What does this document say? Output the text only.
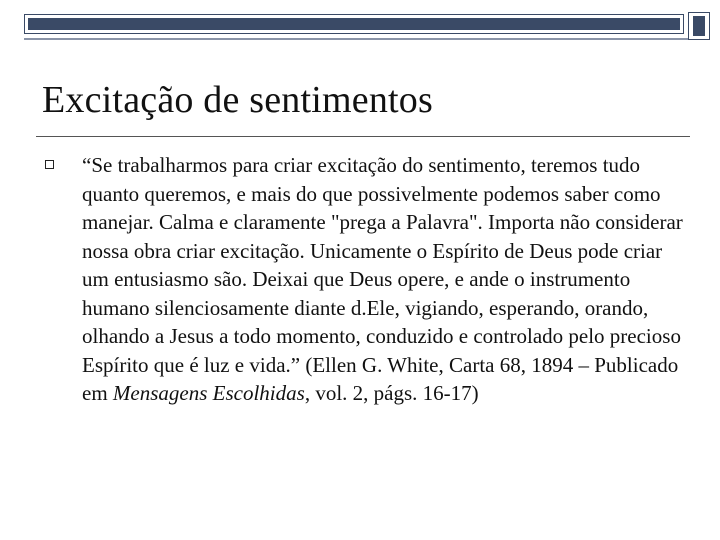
Excitação de sentimentos

“Se trabalharmos para criar excitação do sentimento, teremos tudo quanto queremos, e mais do que possivelmente podemos saber como manejar. Calma e claramente "prega a Palavra". Importa não considerar nossa obra criar excitação. Unicamente o Espírito de Deus pode criar um entusiasmo são. Deixai que Deus opere, e ande o instrumento humano silenciosamente diante d.Ele, vigiando, esperando, orando, olhando a Jesus a todo momento, conduzido e controlado pelo precioso Espírito que é luz e vida.” (Ellen G. White, Carta 68, 1894 – Publicado em Mensagens Escolhidas, vol. 2, págs. 16-17)
